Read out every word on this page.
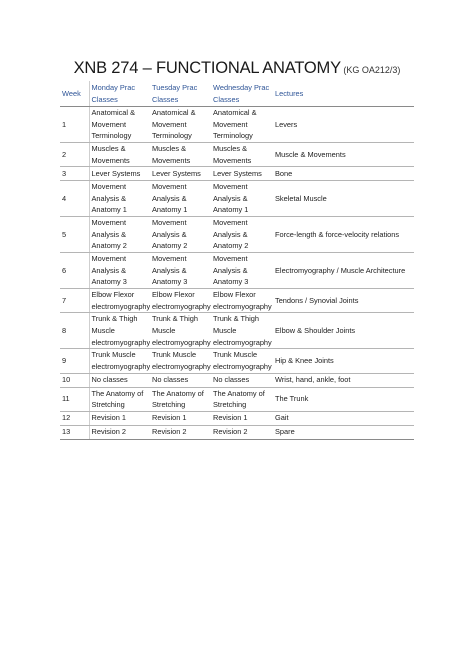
XNB 274 – FUNCTIONAL ANATOMY (KG OA212/3)
Week	Monday Prac Classes	Tuesday Prac Classes	Wednesday Prac Classes	Lectures
1	Anatomical & Movement Terminology	Anatomical & Movement Terminology	Anatomical & Movement Terminology	Levers
2	Muscles & Movements	Muscles & Movements	Muscles & Movements	Muscle & Movements
3	Lever Systems	Lever Systems	Lever Systems	Bone
4	Movement Analysis & Anatomy 1	Movement Analysis & Anatomy 1	Movement Analysis & Anatomy 1	Skeletal Muscle
5	Movement Analysis & Anatomy 2	Movement Analysis & Anatomy 2	Movement Analysis & Anatomy 2	Force-length & force-velocity relations
6	Movement Analysis & Anatomy 3	Movement Analysis & Anatomy 3	Movement Analysis & Anatomy 3	Electromyography / Muscle Architecture
7	Elbow Flexor electromyography	Elbow Flexor electromyography	Elbow Flexor electromyography	Tendons / Synovial Joints
8	Trunk & Thigh Muscle electromyography	Trunk & Thigh Muscle electromyography	Trunk & Thigh Muscle electromyography	Elbow & Shoulder Joints
9	Trunk Muscle electromyography	Trunk Muscle electromyography	Trunk Muscle electromyography	Hip & Knee Joints
10	No classes	No classes	No classes	Wrist, hand, ankle, foot
11	The Anatomy of Stretching	The Anatomy of Stretching	The Anatomy of Stretching	The Trunk
12	Revision 1	Revision 1	Revision 1	Gait
13	Revision 2	Revision 2	Revision 2	Spare
